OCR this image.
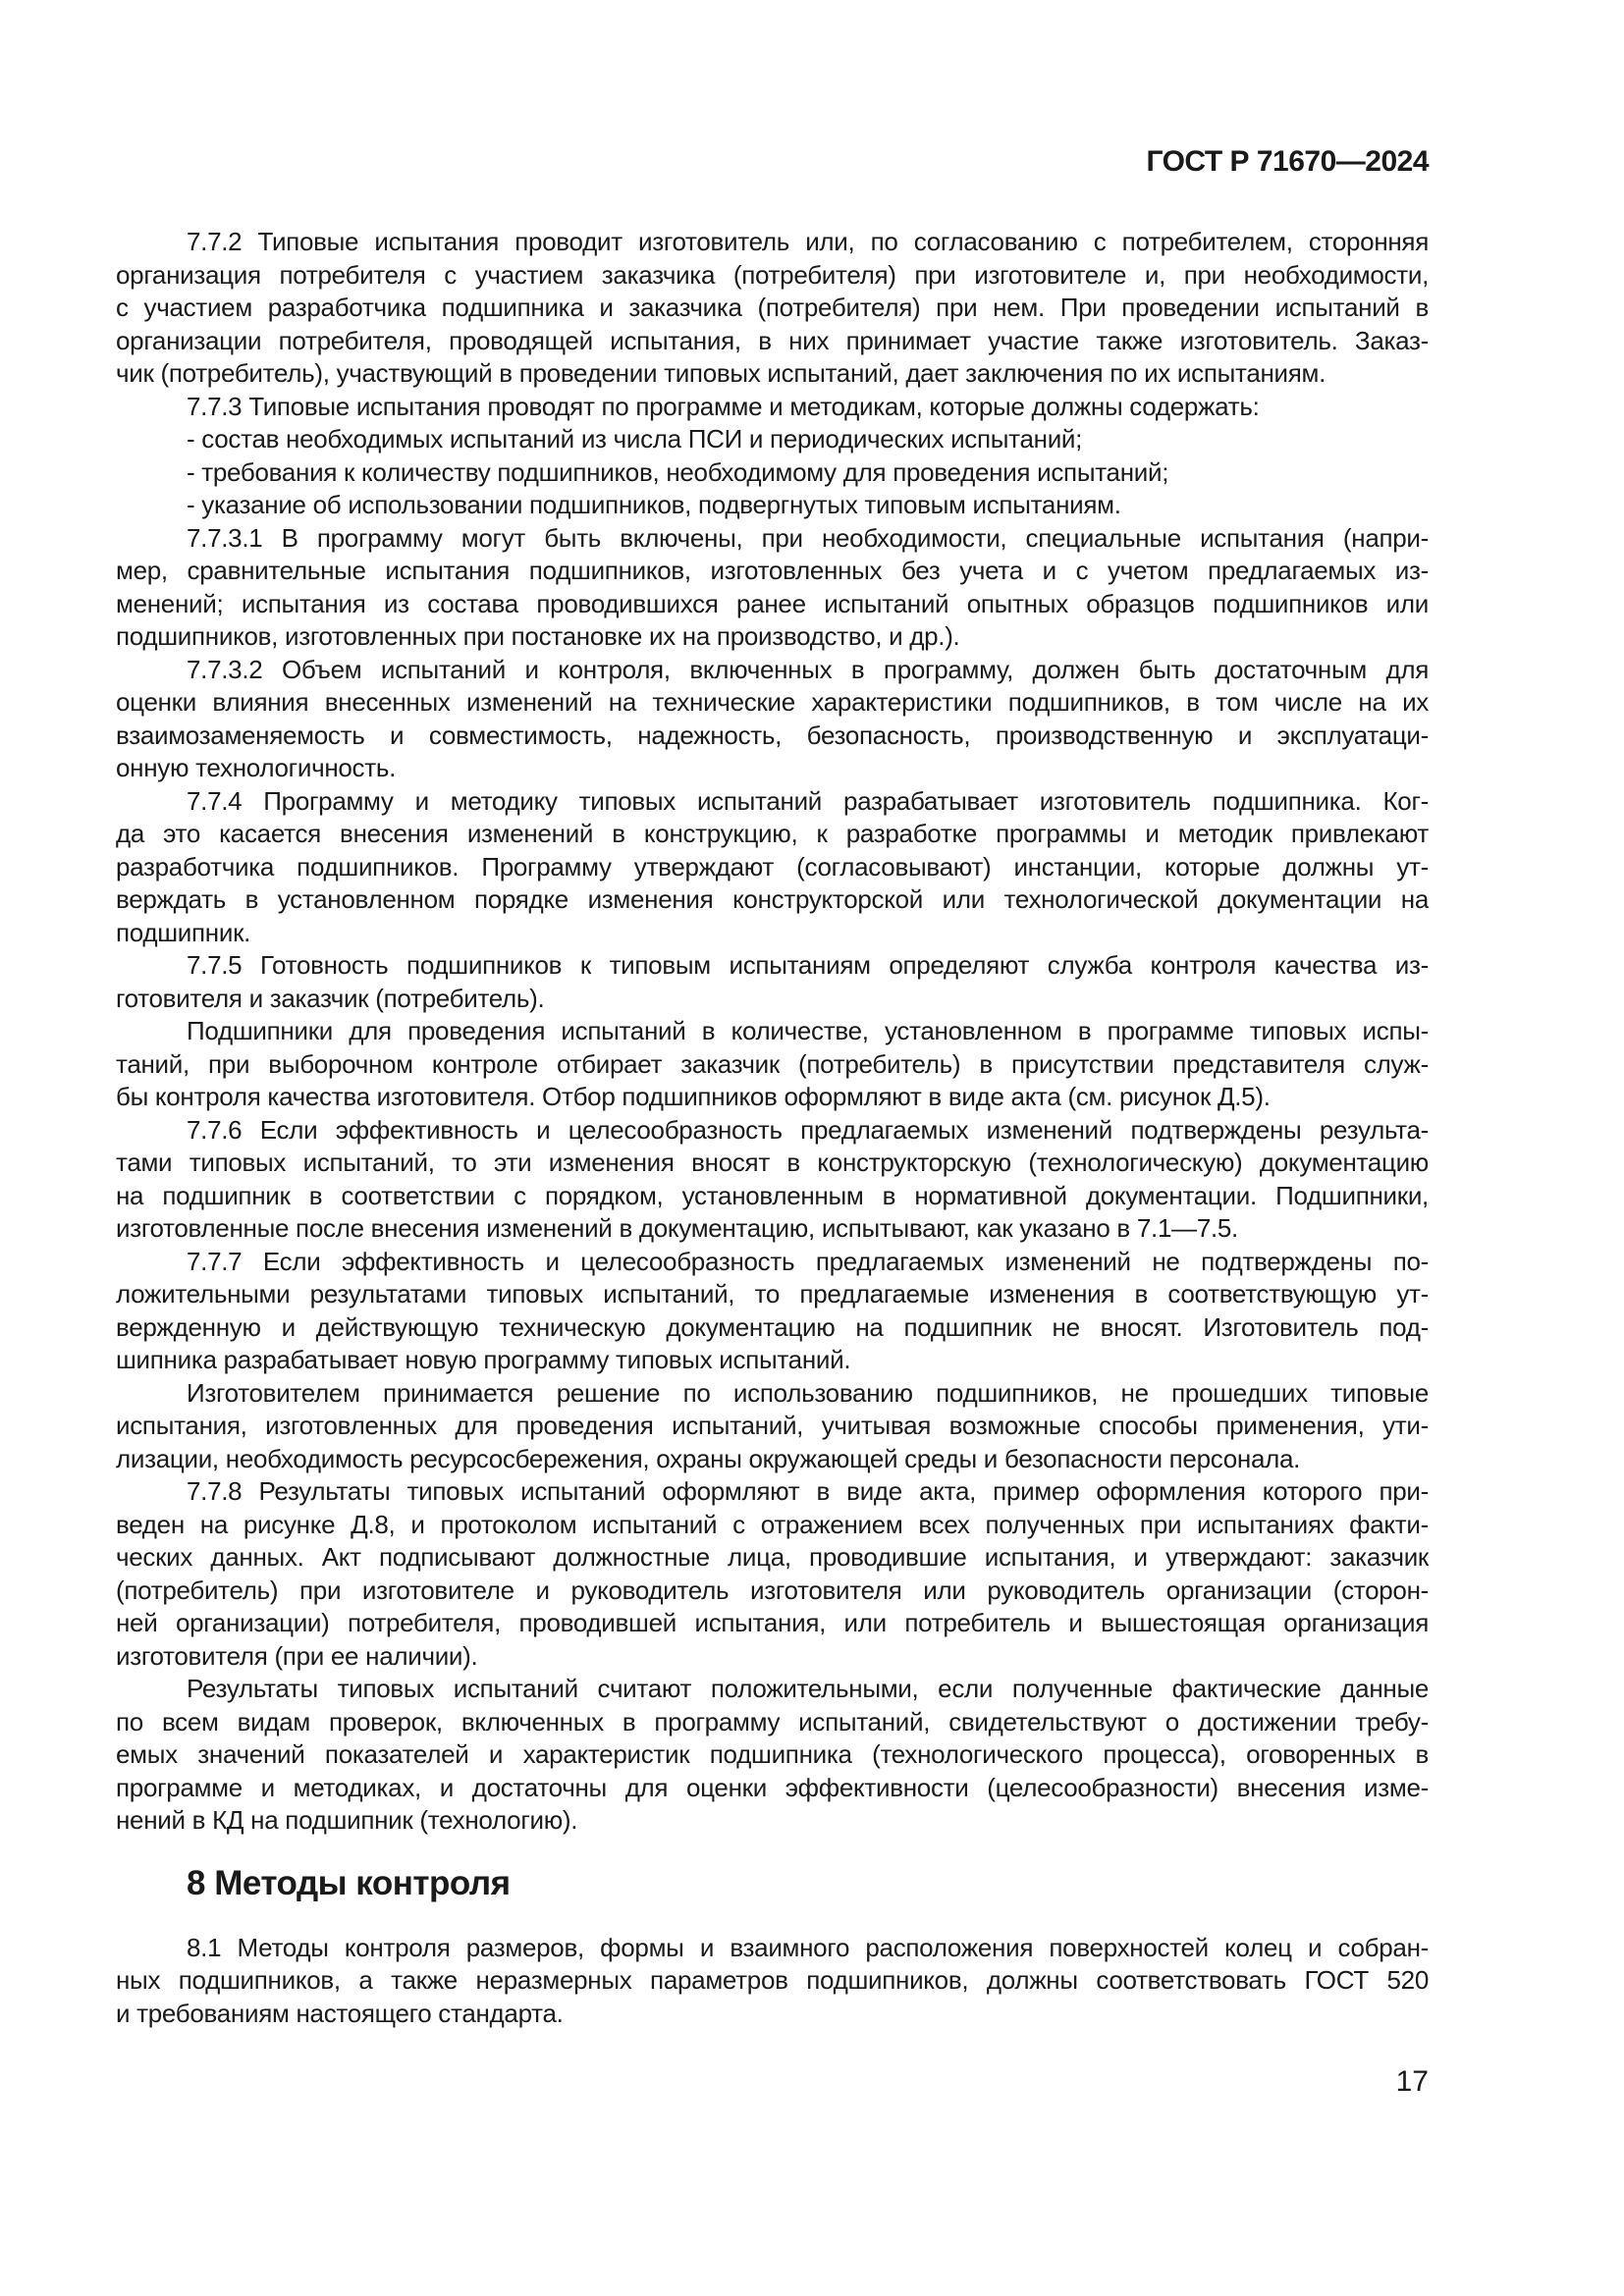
ГОСТ Р 71670—2024
7.7.2 Типовые испытания проводит изготовитель или, по согласованию с потребителем, сторонняя
организация потребителя с участием заказчика (потребителя) при изготовителе и, при необходимости,
с участием разработчика подшипника и заказчика (потребителя) при нем. При проведении испытаний в
организации потребителя, проводящей испытания, в них принимает участие также изготовитель. Заказ-
чик (потребитель), участвующий в проведении типовых испытаний, дает заключения по их испытаниям.
7.7.3 Типовые испытания проводят по программе и методикам, которые должны содержать:
- состав необходимых испытаний из числа ПСИ и периодических испытаний;
- требования к количеству подшипников, необходимому для проведения испытаний;
- указание об использовании подшипников, подвергнутых типовым испытаниям.
7.7.3.1 В программу могут быть включены, при необходимости, специальные испытания (напри-
мер, сравнительные испытания подшипников, изготовленных без учета и с учетом предлагаемых из-
менений; испытания из состава проводившихся ранее испытаний опытных образцов подшипников или
подшипников, изготовленных при постановке их на производство, и др.).
7.7.3.2 Объем испытаний и контроля, включенных в программу, должен быть достаточным для
оценки влияния внесенных изменений на технические характеристики подшипников, в том числе на их
взаимозаменяемость и совместимость, надежность, безопасность, производственную и эксплуатаци-
онную технологичность.
7.7.4 Программу и методику типовых испытаний разрабатывает изготовитель подшипника. Ког-
да это касается внесения изменений в конструкцию, к разработке программы и методик привлекают
разработчика подшипников. Программу утверждают (согласовывают) инстанции, которые должны ут-
верждать в установленном порядке изменения конструкторской или технологической документации на
подшипник.
7.7.5 Готовность подшипников к типовым испытаниям определяют служба контроля качества из-
готовителя и заказчик (потребитель).
Подшипники для проведения испытаний в количестве, установленном в программе типовых испы-
таний, при выборочном контроле отбирает заказчик (потребитель) в присутствии представителя служ-
бы контроля качества изготовителя. Отбор подшипников оформляют в виде акта (см. рисунок Д.5).
7.7.6 Если эффективность и целесообразность предлагаемых изменений подтверждены результа-
тами типовых испытаний, то эти изменения вносят в конструкторскую (технологическую) документацию
на подшипник в соответствии с порядком, установленным в нормативной документации. Подшипники,
изготовленные после внесения изменений в документацию, испытывают, как указано в 7.1—7.5.
7.7.7 Если эффективность и целесообразность предлагаемых изменений не подтверждены по-
ложительными результатами типовых испытаний, то предлагаемые изменения в соответствующую ут-
вержденную и действующую техническую документацию на подшипник не вносят. Изготовитель под-
шипника разрабатывает новую программу типовых испытаний.
Изготовителем принимается решение по использованию подшипников, не прошедших типовые
испытания, изготовленных для проведения испытаний, учитывая возможные способы применения, ути-
лизации, необходимость ресурсосбережения, охраны окружающей среды и безопасности персонала.
7.7.8 Результаты типовых испытаний оформляют в виде акта, пример оформления которого при-
веден на рисунке Д.8, и протоколом испытаний с отражением всех полученных при испытаниях факти-
ческих данных. Акт подписывают должностные лица, проводившие испытания, и утверждают: заказчик
(потребитель) при изготовителе и руководитель изготовителя или руководитель организации (сторон-
ней организации) потребителя, проводившей испытания, или потребитель и вышестоящая организация
изготовителя (при ее наличии).
Результаты типовых испытаний считают положительными, если полученные фактические данные
по всем видам проверок, включенных в программу испытаний, свидетельствуют о достижении требу-
емых значений показателей и характеристик подшипника (технологического процесса), оговоренных в
программе и методиках, и достаточны для оценки эффективности (целесообразности) внесения изме-
нений в КД на подшипник (технологию).
8 Методы контроля
8.1 Методы контроля размеров, формы и взаимного расположения поверхностей колец и собран-
ных подшипников, а также неразмерных параметров подшипников, должны соответствовать ГОСТ 520
и требованиям настоящего стандарта.
17
